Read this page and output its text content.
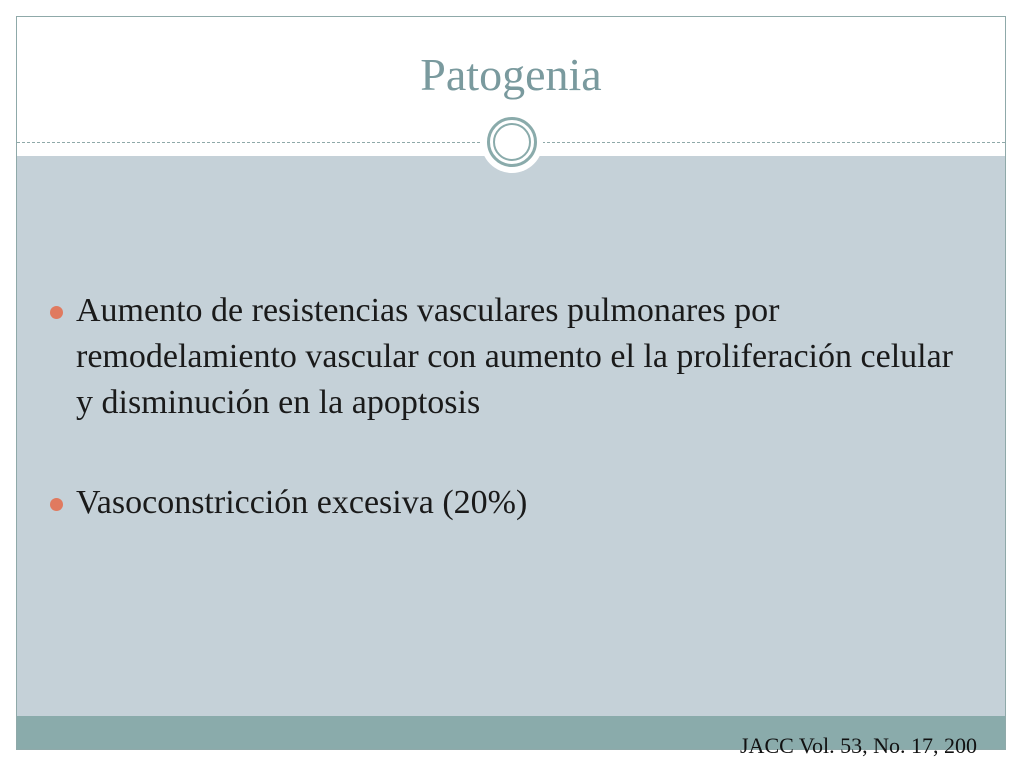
Patogenia
Aumento de resistencias vasculares pulmonares por remodelamiento vascular con aumento el la proliferación celular y disminución en la apoptosis
Vasoconstricción excesiva (20%)
JACC Vol. 53, No. 17, 200
